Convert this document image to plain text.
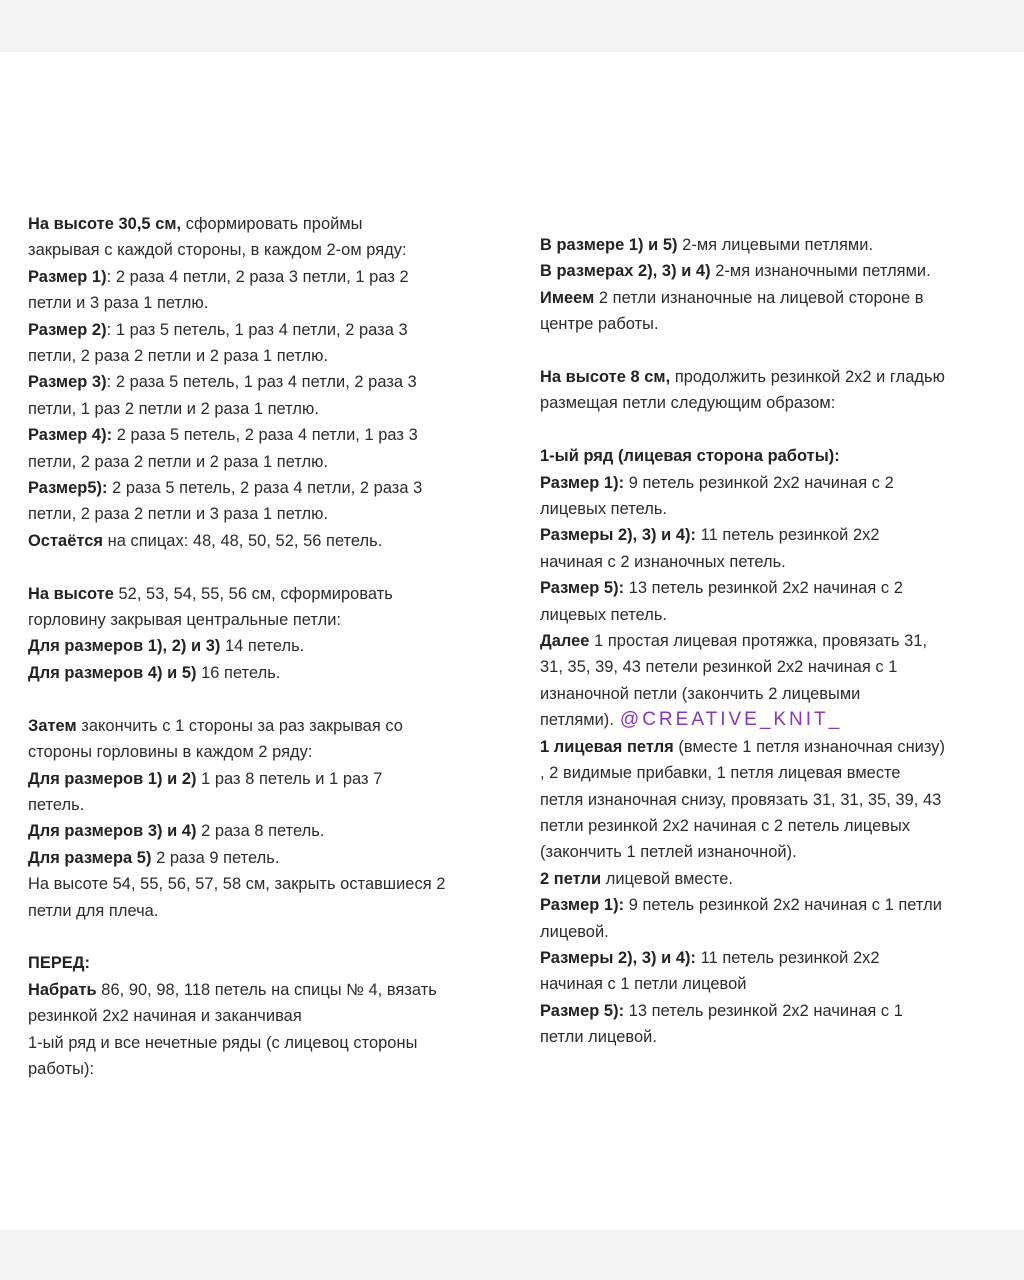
На высоте 30,5 см, сформировать проймы

закрывая с каждой стороны, в каждом 2-ом ряду:

Размер 1): 2 раза 4 петли, 2 раза 3 петли, 1 раз 2

петли и 3 раза 1 петлю.

Размер 2): 1 раз 5 петель, 1 раз 4 петли, 2 раза 3

петли, 2 раза 2 петли и 2 раза 1 петлю.

Размер 3): 2 раза 5 петель, 1 раз 4 петли, 2 раза 3

петли, 1 раз 2 петли и 2 раза 1 петлю.

Размер 4): 2 раза 5 петель, 2 раза 4 петли, 1 раз 3

петли, 2 раза 2 петли и 2 раза 1 петлю.

Размер5): 2 раза 5 петель, 2 раза 4 петли, 2 раза 3

петли, 2 раза 2 петли и 3 раза 1 петлю.

Остаётся на спицах: 48, 48, 50, 52, 56 петель.

На высоте 52, 53, 54, 55, 56 см, сформировать

горловину закрывая центральные петли:

Для размеров 1), 2) и 3) 14 петель.

Для размеров 4) и 5) 16 петель.

Затем закончить с 1 стороны за раз закрывая со

стороны горловины в каждом 2 ряду:

Для размеров 1) и 2) 1 раз 8 петель и 1 раз 7

петель.

Для размеров 3) и 4) 2 раза 8 петель.

Для размера 5) 2 раза 9 петель.

На высоте 54, 55, 56, 57, 58 см, закрыть оставшиеся 2

петли для плеча.

ПЕРЕД:

Набрать 86, 90, 98, 118 петель на спицы № 4, вязать

резинкой 2х2 начиная и заканчивая

1-ый ряд и все нечетные ряды (с лицевоц стороны

работы):

В размере 1) и 5) 2-мя лицевыми петлями.

В размерах 2), 3) и 4) 2-мя изнаночными петлями.

Имеем 2 петли изнаночные на лицевой стороне в

центре работы.

На высоте 8 см, продолжить резинкой 2х2 и гладью

размещая петли следующим образом:

1-ый ряд (лицевая сторона работы):

Размер 1): 9 петель резинкой 2х2 начиная с 2

лицевых петель.

Размеры 2), 3) и 4): 11 петель резинкой 2х2

начиная с 2 изнаночных петель.

Размер 5): 13 петель резинкой 2х2 начиная с 2

лицевых петель.

Далее 1 простая лицевая протяжка, провязать 31,

31, 35, 39, 43 петели резинкой 2х2 начиная с 1

изнаночной петли (закончить 2 лицевыми

петлями). @CREATIVE_KNIT_

1 лицевая петля (вместе 1 петля изнаночная снизу)

, 2 видимые прибавки, 1 петля лицевая вместе

петля изнаночная снизу, провязать 31, 31, 35, 39, 43

петли резинкой 2х2 начиная с 2 петель лицевых

(закончить 1 петлей изнаночной).

2 петли лицевой вместе.

Размер 1): 9 петель резинкой 2х2 начиная с 1 петли

лицевой.

Размеры 2), 3) и 4): 11 петель резинкой 2х2

начиная с 1 петли лицевой

Размер 5): 13 петель резинкой 2х2 начиная с 1

петли лицевой.
